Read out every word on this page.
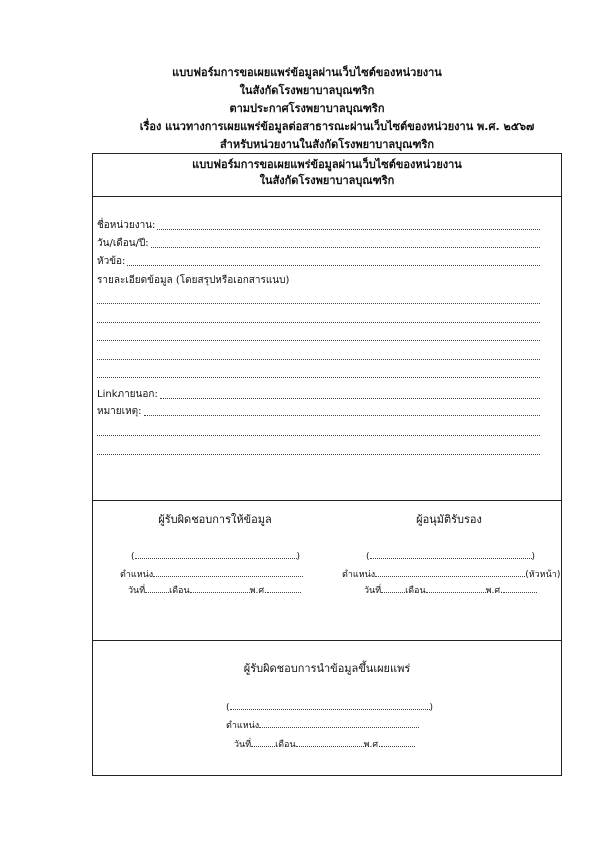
แบบฟอร์มการขอเผยแพร่ข้อมูลผ่านเว็บไซต์ของหน่วยงาน
ในสังกัดโรงพยาบาลบุณฑริก
ตามประกาศโรงพยาบาลบุณฑริก
เรื่อง แนวทางการเผยแพร่ข้อมูลต่อสาธารณะผ่านเว็บไซต์ของหน่วยงาน พ.ศ. ๒๕๖๗
สำหรับหน่วยงานในสังกัดโรงพยาบาลบุณฑริก
แบบฟอร์มการขอเผยแพร่ข้อมูลผ่านเว็บไซต์ของหน่วยงาน
ในสังกัดโรงพยาบาลบุณฑริก
ชื่อหน่วยงาน:
วัน/เดือน/ปี:
หัวข้อ:
รายละเอียดข้อมูล (โดยสรุปหรือเอกสารแนบ)
Linkภายนอก:
หมายเหตุ:
ผู้รับผิดชอบการให้ข้อมูล
(	)
ตำแหน่ง
วันที่	เดือน	พ.ศ.
ผู้อนุมัติรับรอง
(	)
ตำแหน่ง	(หัวหน้า)
วันที่	เดือน	พ.ศ.
ผู้รับผิดชอบการนำข้อมูลขึ้นเผยแพร่
(	)
ตำแหน่ง
วันที่	เดือน	พ.ศ.
